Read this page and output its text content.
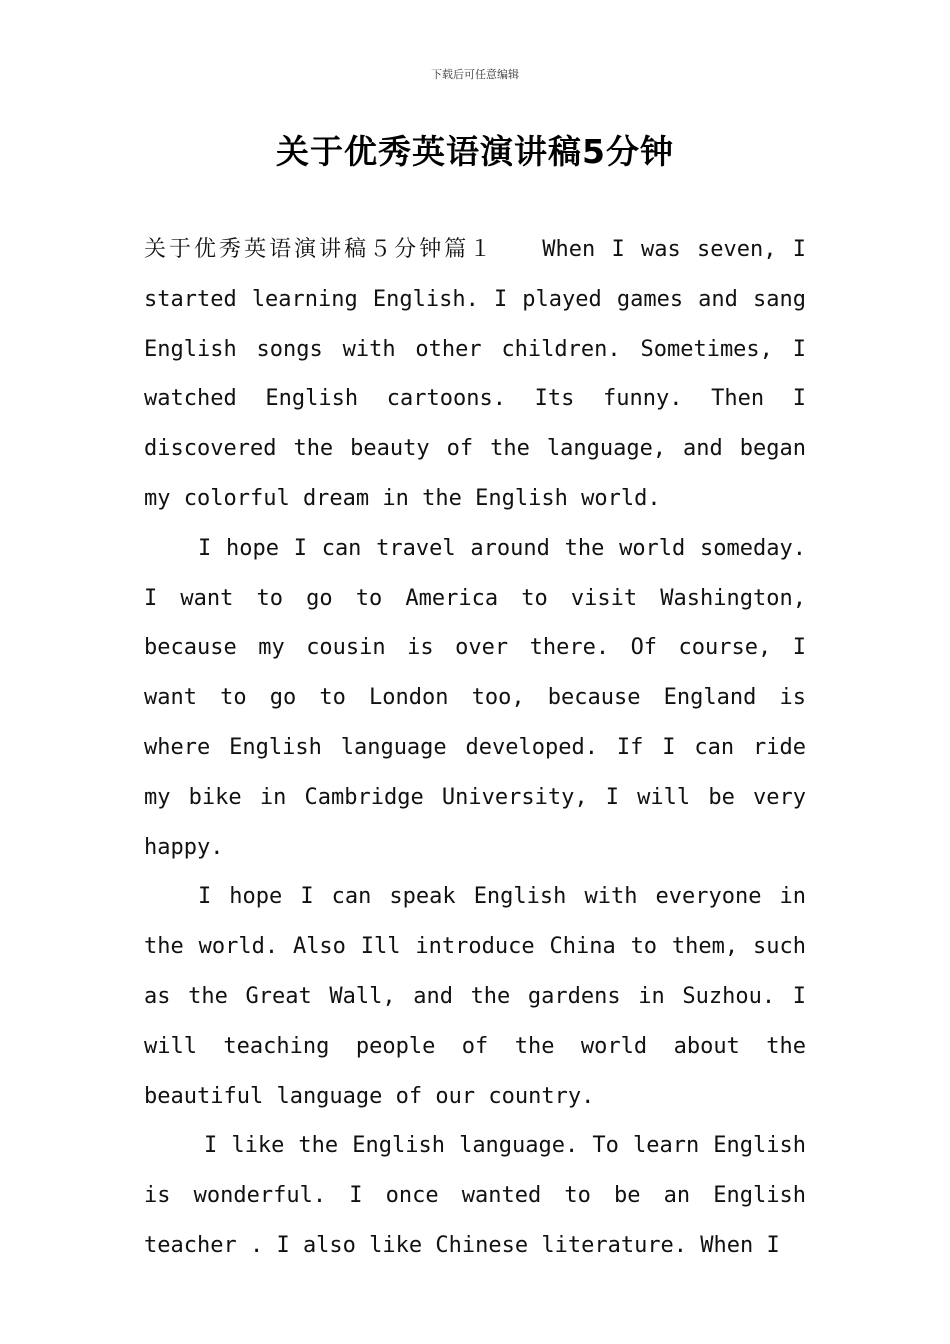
下载后可任意编辑
关于优秀英语演讲稿5分钟

关于优秀英语演讲稿５分钟篇１ When I was seven, I started learning English. I played games and sang English songs with other children. Sometimes, I watched English cartoons. Its funny. Then I discovered the beauty of the language, and began my colorful dream in the English world.

I hope I can travel around the world someday. I want to go to America to visit Washington, because my cousin is over there. Of course, I want to go to London too, because England is where English language developed. If I can ride my bike in Cambridge University, I will be very happy.

I hope I can speak English with everyone in the world. Also Ill introduce China to them, such as the Great Wall, and the gardens in Suzhou. I will teaching people of the world about the beautiful language of our country.

I like the English language. To learn English is wonderful. I once wanted to be an English teacher . I also like Chinese literature. When I
